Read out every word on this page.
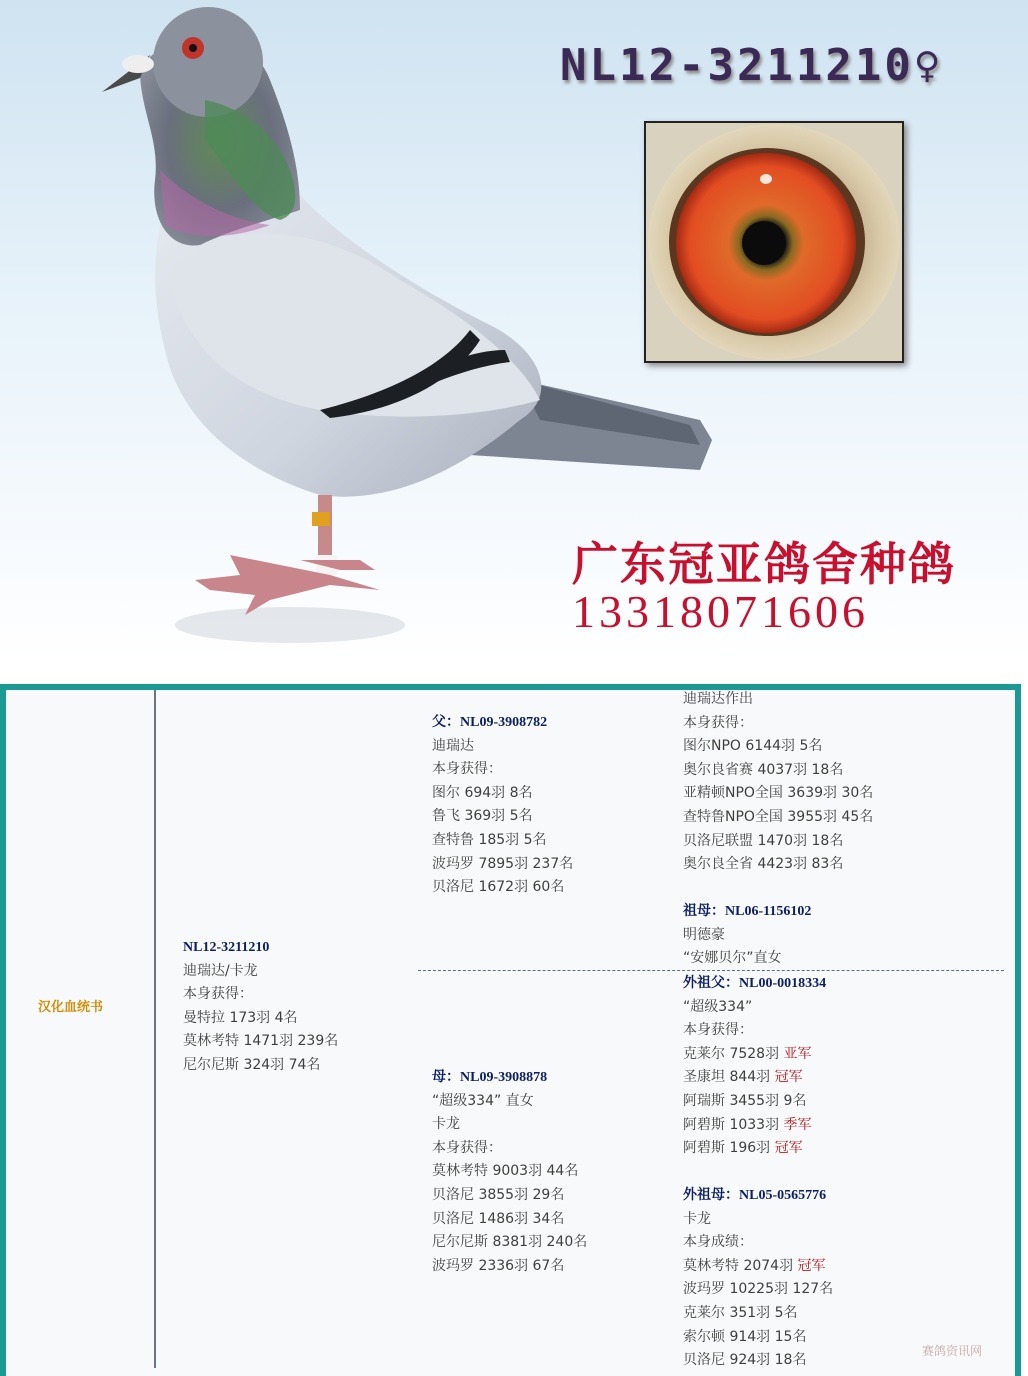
NL12-3211210♀
广东冠亚鸽舍种鸽
13318071606
汉化血统书
NL12-3211210
迪瑞达/卡龙
本身获得：
曼特拉 173羽 4名
莫林考特 1471羽 239名
尼尔尼斯 324羽 74名
父：NL09-3908782
迪瑞达
本身获得：
图尔 694羽 8名
鲁飞 369羽 5名
查特鲁 185羽 5名
波玛罗 7895羽 237名
贝洛尼 1672羽 60名
母：NL09-3908878
“超级334” 直女
卡龙
本身获得：
莫林考特 9003羽 44名
贝洛尼 3855羽 29名
贝洛尼 1486羽 34名
尼尔尼斯 8381羽 240名
波玛罗 2336羽 67名
迪瑞达作出
本身获得：
图尔NPO 6144羽 5名
奥尔良省赛 4037羽 18名
亚精顿NPO全国 3639羽 30名
查特鲁NPO全国 3955羽 45名
贝洛尼联盟 1470羽 18名
奥尔良全省 4423羽 83名
祖母：NL06-1156102
明德豪
“安娜贝尔”直女
外祖父：NL00-0018334
“超级334”
本身获得：
克莱尔 7528羽 亚军
圣康坦 844羽 冠军
阿瑞斯 3455羽 9名
阿碧斯 1033羽 季军
阿碧斯 196羽 冠军
外祖母：NL05-0565776
卡龙
本身成绩：
莫林考特 2074羽 冠军
波玛罗 10225羽 127名
克莱尔 351羽 5名
索尔顿 914羽 15名
贝洛尼 924羽 18名
赛鸽资讯网
